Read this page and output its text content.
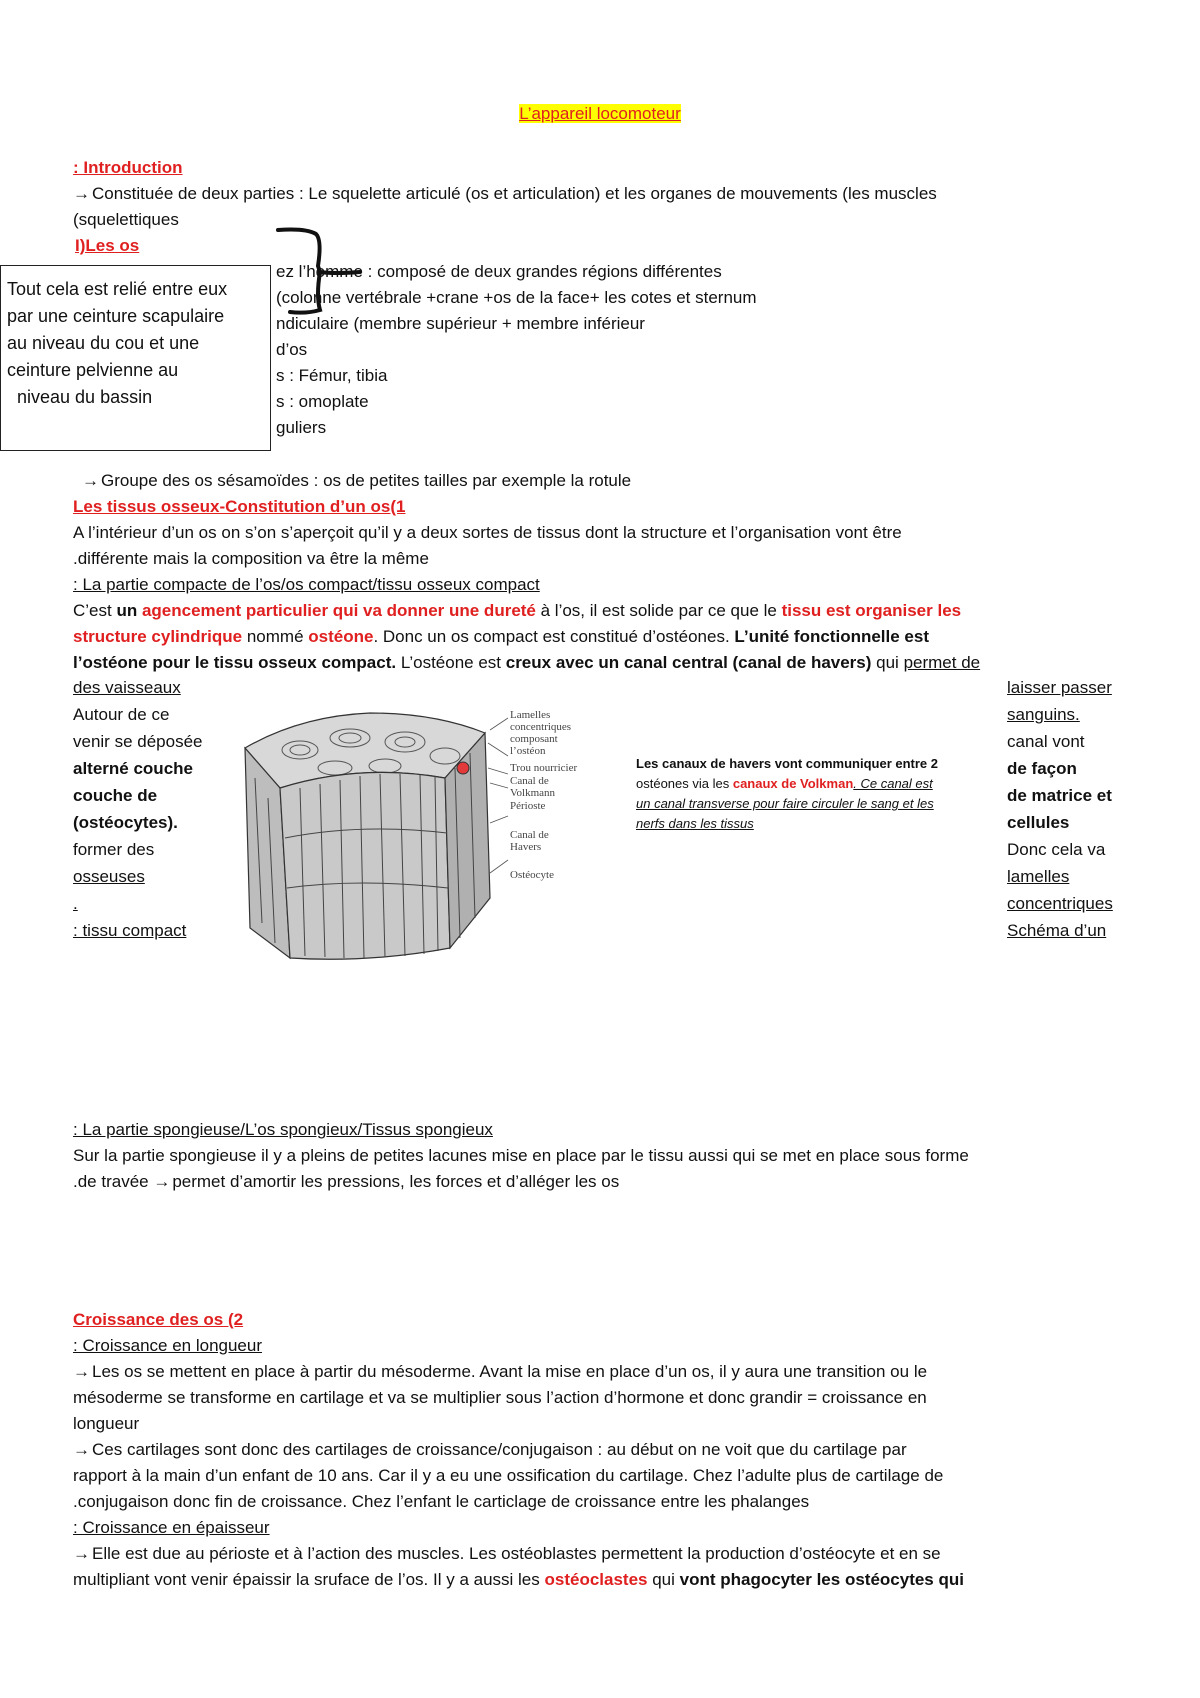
L’appareil locomoteur
: Introduction
→ Constituée de deux parties : Le squelette articulé (os et articulation) et les organes de mouvements (les muscles
(squelettiques
I)Les os
ez l’homme : composé de deux grandes régions différentes
(colonne vertébrale +crane +os de la face+ les cotes et sternum
ndiculaire (membre supérieur + membre inférieur
d’os
s : Fémur, tibia
s : omoplate
guliers
Tout cela est relié entre eux
par une ceinture scapulaire
au niveau du cou et une
ceinture pelvienne au
niveau du bassin
→ Groupe des os sésamoïdes : os de petites tailles par exemple la rotule
Les tissus osseux-Constitution d’un os(1
A l’intérieur d’un os on s’on s’aperçoit qu’il y a deux sortes de tissus dont la structure et l’organisation vont être
.différente mais la composition va être la même
: La partie compacte de l’os/os compact/tissu osseux compact
C’est un agencement particulier qui va donner une dureté à l’os, il est solide par ce que le tissu est organiser les
structure cylindrique nommé ostéone. Donc un os compact est constitué d’ostéones. L’unité fonctionnelle est
l’ostéone pour le tissu osseux compact. L’ostéone est creux avec un canal central (canal de havers) qui permet de
des vaisseaux
Autour de ce
venir se déposée
alterné couche
couche de
(ostéocytes).
former des
osseuses
.
: tissu compact
laisser passer
sanguins.
canal vont
de façon
de matrice et
cellules
Donc cela va
lamelles
concentriques
Schéma d’un
Lamelles
concentriques
composant
l’ostéon
Trou nourricier
Canal de
Volkmann
Périoste
Canal de
Havers
Ostéocyte
Les canaux de havers vont communiquer entre 2
ostéones via les canaux de Volkman. Ce canal est
un canal transverse pour faire circuler le sang et les
nerfs dans les tissus
: La partie spongieuse/L’os spongieux/Tissus spongieux
Sur la partie spongieuse il y a pleins de petites lacunes mise en place par le tissu aussi qui se met en place sous forme
.de travée → permet d’amortir les pressions, les forces et d’alléger les os
Croissance des os (2
: Croissance en longueur
→ Les os se mettent en place à partir du mésoderme. Avant la mise en place d’un os, il y aura une transition ou le
mésoderme se transforme en cartilage et va se multiplier sous l’action d’hormone et donc grandir = croissance en
longueur
→ Ces cartilages sont donc des cartilages de croissance/conjugaison : au début on ne voit que du cartilage par
rapport à la main d’un enfant de 10 ans. Car il y a eu une ossification du cartilage. Chez l’adulte plus de cartilage de
.conjugaison donc fin de croissance. Chez l’enfant le carticlage de croissance entre les phalanges
: Croissance en épaisseur
→ Elle est due au périoste et à l’action des muscles. Les ostéoblastes permettent la production d’ostéocyte et en se
multipliant vont venir épaissir la sruface de l’os. Il y a aussi les ostéoclastes qui vont phagocyter les ostéocytes qui
